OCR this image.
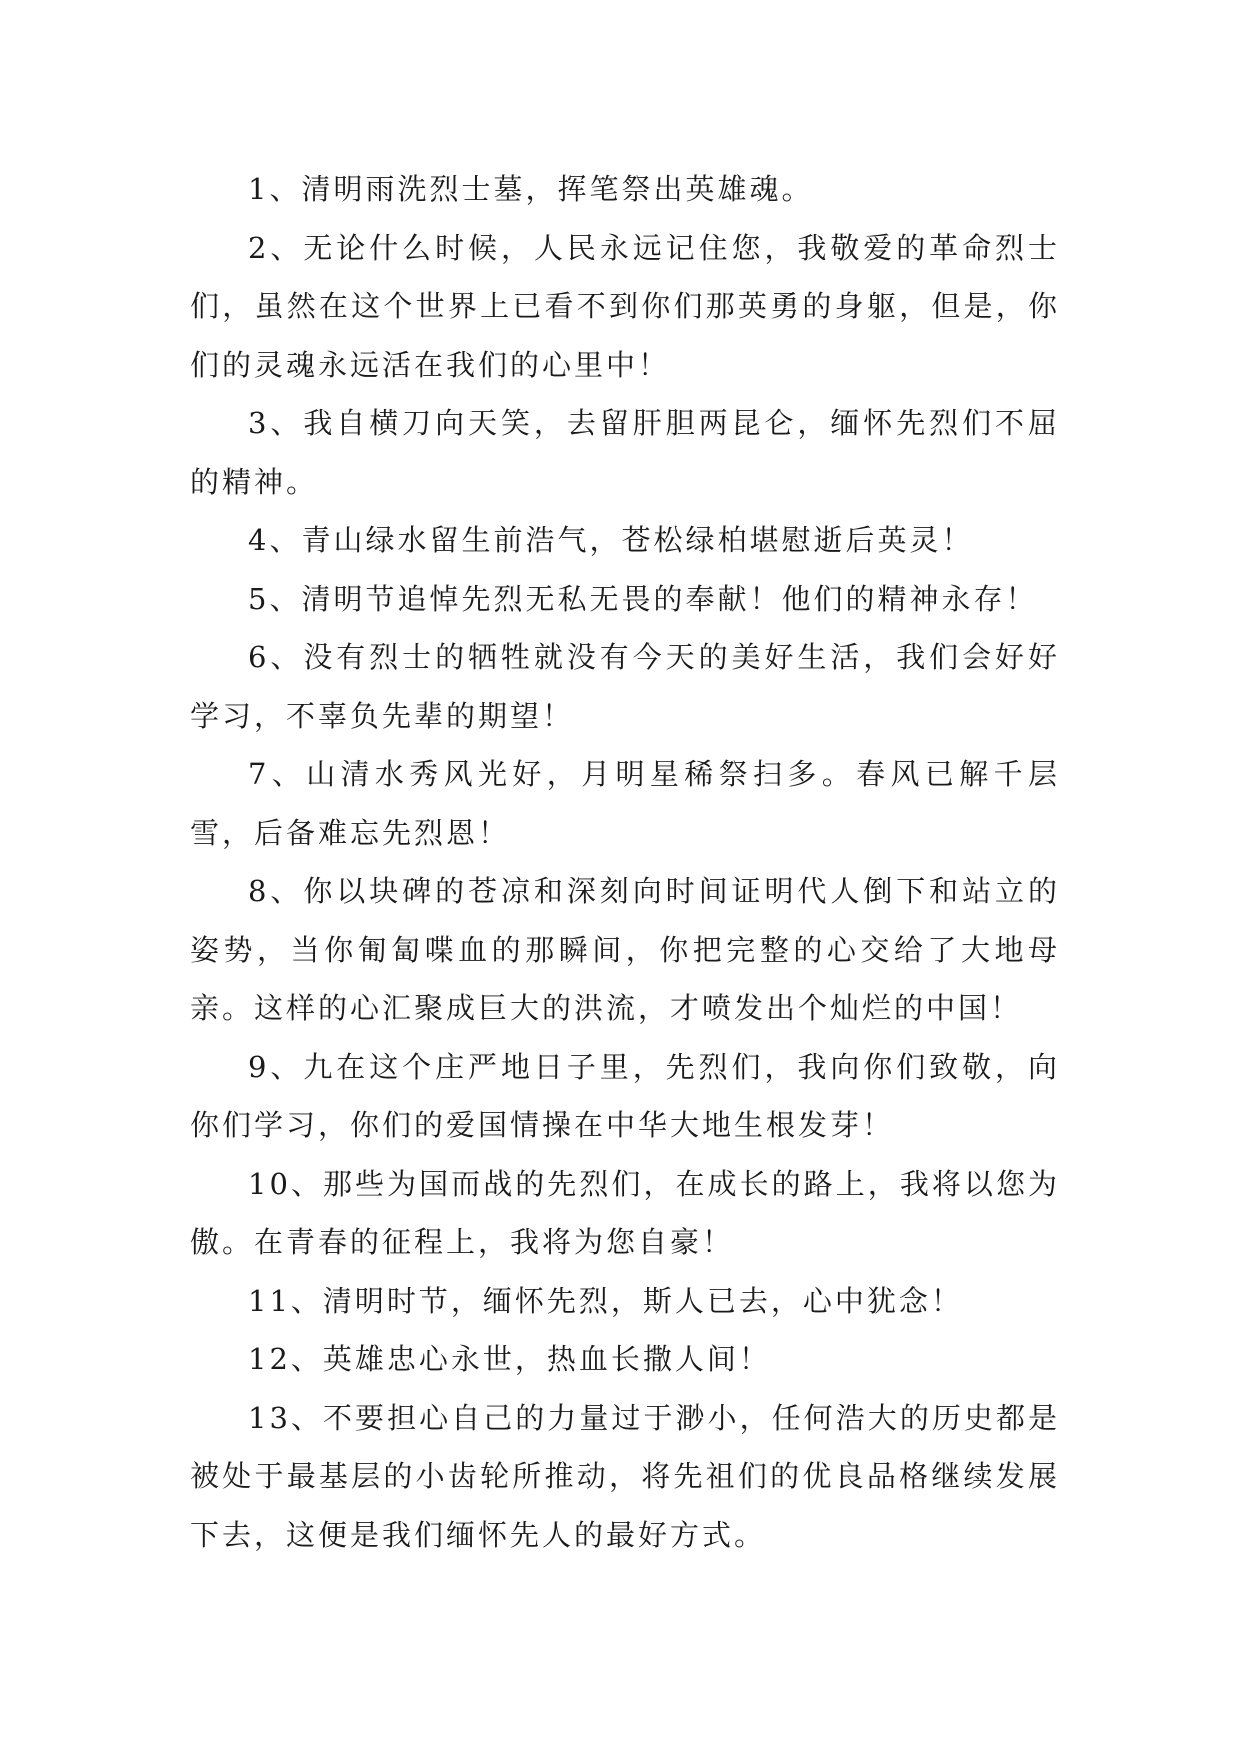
1、清明雨洗烈士墓，挥笔祭出英雄魂。

2、无论什么时候，人民永远记住您，我敬爱的革命烈士们，虽然在这个世界上已看不到你们那英勇的身躯，但是，你们的灵魂永远活在我们的心里中！

3、我自横刀向天笑，去留肝胆两昆仑，缅怀先烈们不屈的精神。

4、青山绿水留生前浩气，苍松绿柏堪慰逝后英灵！

5、清明节追悼先烈无私无畏的奉献！他们的精神永存！

6、没有烈士的牺牲就没有今天的美好生活，我们会好好学习，不辜负先辈的期望！

7、山清水秀风光好，月明星稀祭扫多。春风已解千层雪，后备难忘先烈恩！

8、你以块碑的苍凉和深刻向时间证明代人倒下和站立的姿势，当你匍匐喋血的那瞬间，你把完整的心交给了大地母亲。这样的心汇聚成巨大的洪流，才喷发出个灿烂的中国！

9、九在这个庄严地日子里，先烈们，我向你们致敬，向你们学习，你们的爱国情操在中华大地生根发芽！

10、那些为国而战的先烈们，在成长的路上，我将以您为傲。在青春的征程上，我将为您自豪！

11、清明时节，缅怀先烈，斯人已去，心中犹念！

12、英雄忠心永世，热血长撒人间！

13、不要担心自己的力量过于渺小，任何浩大的历史都是被处于最基层的小齿轮所推动，将先祖们的优良品格继续发展下去，这便是我们缅怀先人的最好方式。
